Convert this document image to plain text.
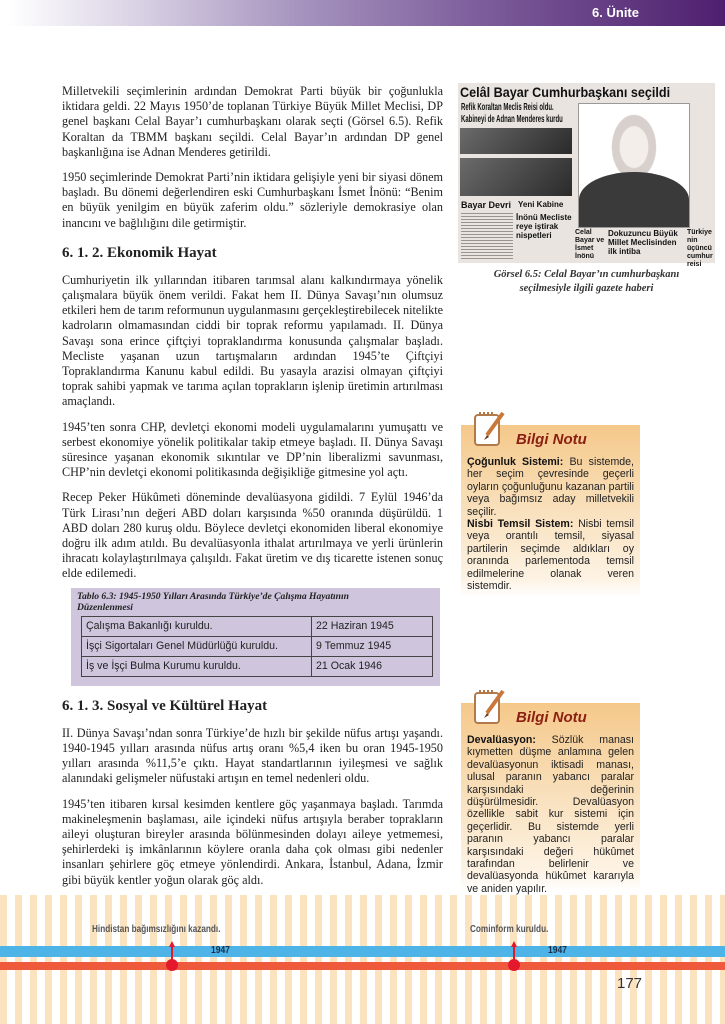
6. Ünite

Milletvekili seçimlerinin ardından Demokrat Parti büyük bir çoğunlukla iktidara geldi. 22 Mayıs 1950’de toplanan Türkiye Büyük Millet Meclisi, DP genel başkanı Celal Bayar’ı cumhurbaşkanı olarak seçti (Görsel 6.5). Refik Koraltan da TBMM başkanı seçildi. Celal Bayar’ın ardından DP genel başkanlığına ise Adnan Menderes getirildi.

1950 seçimlerinde Demokrat Parti’nin iktidara gelişiyle yeni bir siyasi dönem başladı. Bu dönemi değerlendiren eski Cumhurbaşkanı İsmet İnönü: “Benim en büyük yenilgim en büyük zaferim oldu.” sözleriyle demokrasiye olan inancını ve bağlılığını dile getirmiştir.

6. 1. 2. Ekonomik Hayat

Cumhuriyetin ilk yıllarından itibaren tarımsal alanı kalkındırmaya yönelik çalışmalara büyük önem verildi. Fakat hem II. Dünya Savaşı’nın olumsuz etkileri hem de tarım reformunun uygulanmasını gerçekleştirebilecek nitelikte kadroların olmamasından ciddi bir toprak reformu yapılamadı. II. Dünya Savaşı sona erince çiftçiyi topraklandırma konusunda çalışmalar başladı. Mecliste yaşanan uzun tartışmaların ardından 1945’te Çiftçiyi Topraklandırma Kanunu kabul edildi. Bu yasayla arazisi olmayan çiftçiyi toprak sahibi yapmak ve tarıma açılan toprakların işlenip üretimin artırılması amaçlandı.

1945’ten sonra CHP, devletçi ekonomi modeli uygulamalarını yumuşattı ve serbest ekonomiye yönelik politikalar takip etmeye başladı. II. Dünya Savaşı süresince yaşanan ekonomik sıkıntılar ve DP’nin liberalizmi savunması, CHP’nin devletçi ekonomi politikasında değişikliğe gitmesine yol açtı.

Recep Peker Hükûmeti döneminde devalüasyona gidildi. 7 Eylül 1946’da Türk Lirası’nın değeri ABD doları karşısında %50 oranında düşürüldü. 1 ABD doları 280 kuruş oldu. Böylece devletçi ekonomiden liberal ekonomiye doğru ilk adım atıldı. Bu devalüasyonla ithalat artırılmaya ve yerli ürünlerin ihracatı kolaylaştırılmaya çalışıldı. Fakat üretim ve dış ticarette istenen sonuç elde edilemedi.

Tablo 6.3: 1945-1950 Yılları Arasında Türkiye’de Çalışma Hayatının Düzenlenmesi
Çalışma Bakanlığı kuruldu.	22 Haziran 1945
İşçi Sigortaları Genel Müdürlüğü kuruldu.	9 Temmuz 1945
İş ve İşçi Bulma Kurumu kuruldu.	21 Ocak 1946
6. 1. 3. Sosyal ve Kültürel Hayat

II. Dünya Savaşı’ndan sonra Türkiye’de hızlı bir şekilde nüfus artışı yaşandı. 1940-1945 yılları arasında nüfus artış oranı %5,4 iken bu oran 1945-1950 yılları arasında %11,5’e çıktı. Hayat standartlarının iyileşmesi ve sağlık alanındaki gelişmeler nüfustaki artışın en temel nedenleri oldu.

1945’ten itibaren kırsal kesimden kentlere göç yaşanmaya başladı. Tarımda makineleşmenin başlaması, aile içindeki nüfus artışıyla beraber toprakların aileyi oluşturan bireyler arasında bölünmesinden dolayı aileye yetmemesi, şehirlerdeki iş imkânlarının köylere oranla daha çok olması gibi nedenler insanları şehirlere göç etmeye yönlendirdi. Ankara, İstanbul, Adana, İzmir gibi büyük kentler yoğun olarak göç aldı.

Celâl Bayar Cumhurbaşkanı seçildi
Refik Koraltan Meclis Reisi oldu.
Kabineyi de Adnan Menderes kurdu
Bayar Devri Yeni Kabine
İnönü Mecliste reye iştirak nispetleri	Celal Bayar ve İsmet İnönü
Dokuzuncu Büyük Millet Meclisinden ilk intiba
Türkiyenin üçüncü cumhurreisi
Görsel 6.5: Celal Bayar’ın cumhurbaşkanı
seçilmesiyle ilgili gazete haberi
Bilgi Notu
Çoğunluk Sistemi: Bu sistemde, her seçim çevresinde geçerli oyların çoğunluğunu kazanan partili veya bağımsız aday milletvekili seçilir.
Nisbi Temsil Sistem: Nisbi temsil veya orantılı temsil, siyasal partilerin seçimde aldıkları oy oranında parlementoda temsil edilmelerine olanak veren sistemdir.
Bilgi Notu
Devalüasyon: Sözlük manası kıymetten düşme anlamına gelen devalüasyonun iktisadi manası, ulusal paranın yabancı paralar karşısındaki değerinin düşürülmesidir. Devalüasyon özellikle sabit kur sistemi için geçerlidir. Bu sistemde yerli paranın yabancı paralar karşısındaki değeri hükûmet tarafından belirlenir ve devalüasyonda hükûmet kararıyla ve aniden yapılır.
Hindistan bağımsızlığını kazandı.
1947
Cominform kuruldu.
1947
177
